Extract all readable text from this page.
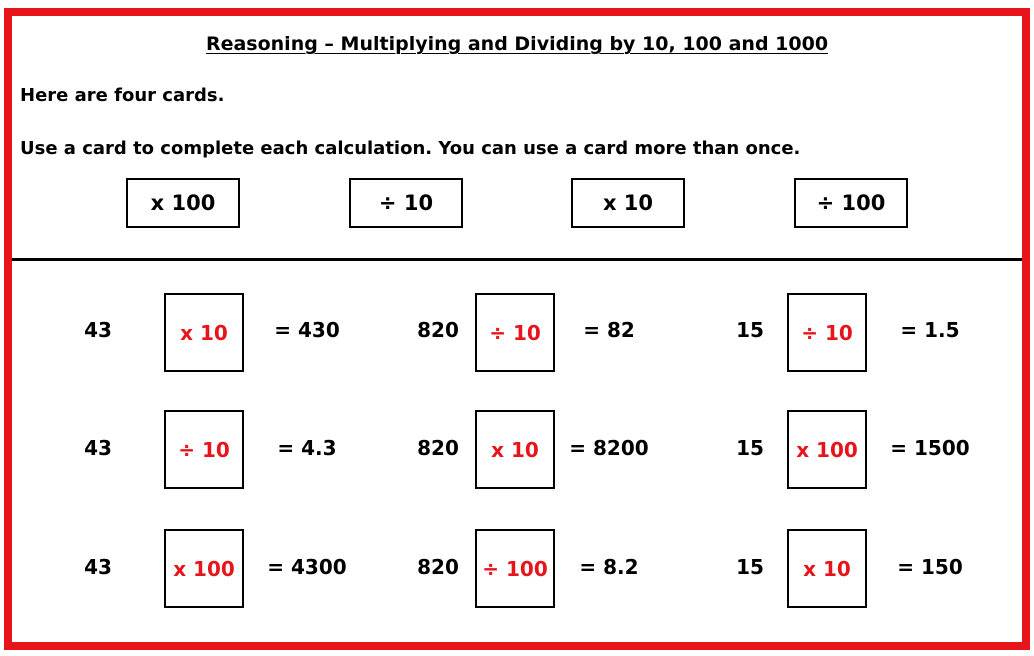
Reasoning – Multiplying and Dividing by 10, 100 and 1000
Here are four cards.
Use a card to complete each calculation. You can use a card more than once.
x 100	÷ 10	x 10	÷ 100
43	x 10	= 430	820	÷ 10	= 82	15	÷ 10	= 1.5
43	÷ 10	= 4.3	820	x 10	= 8200	15	x 100	= 1500
43	x 100	= 4300	820	÷ 100	= 8.2	15	x 10	= 150
